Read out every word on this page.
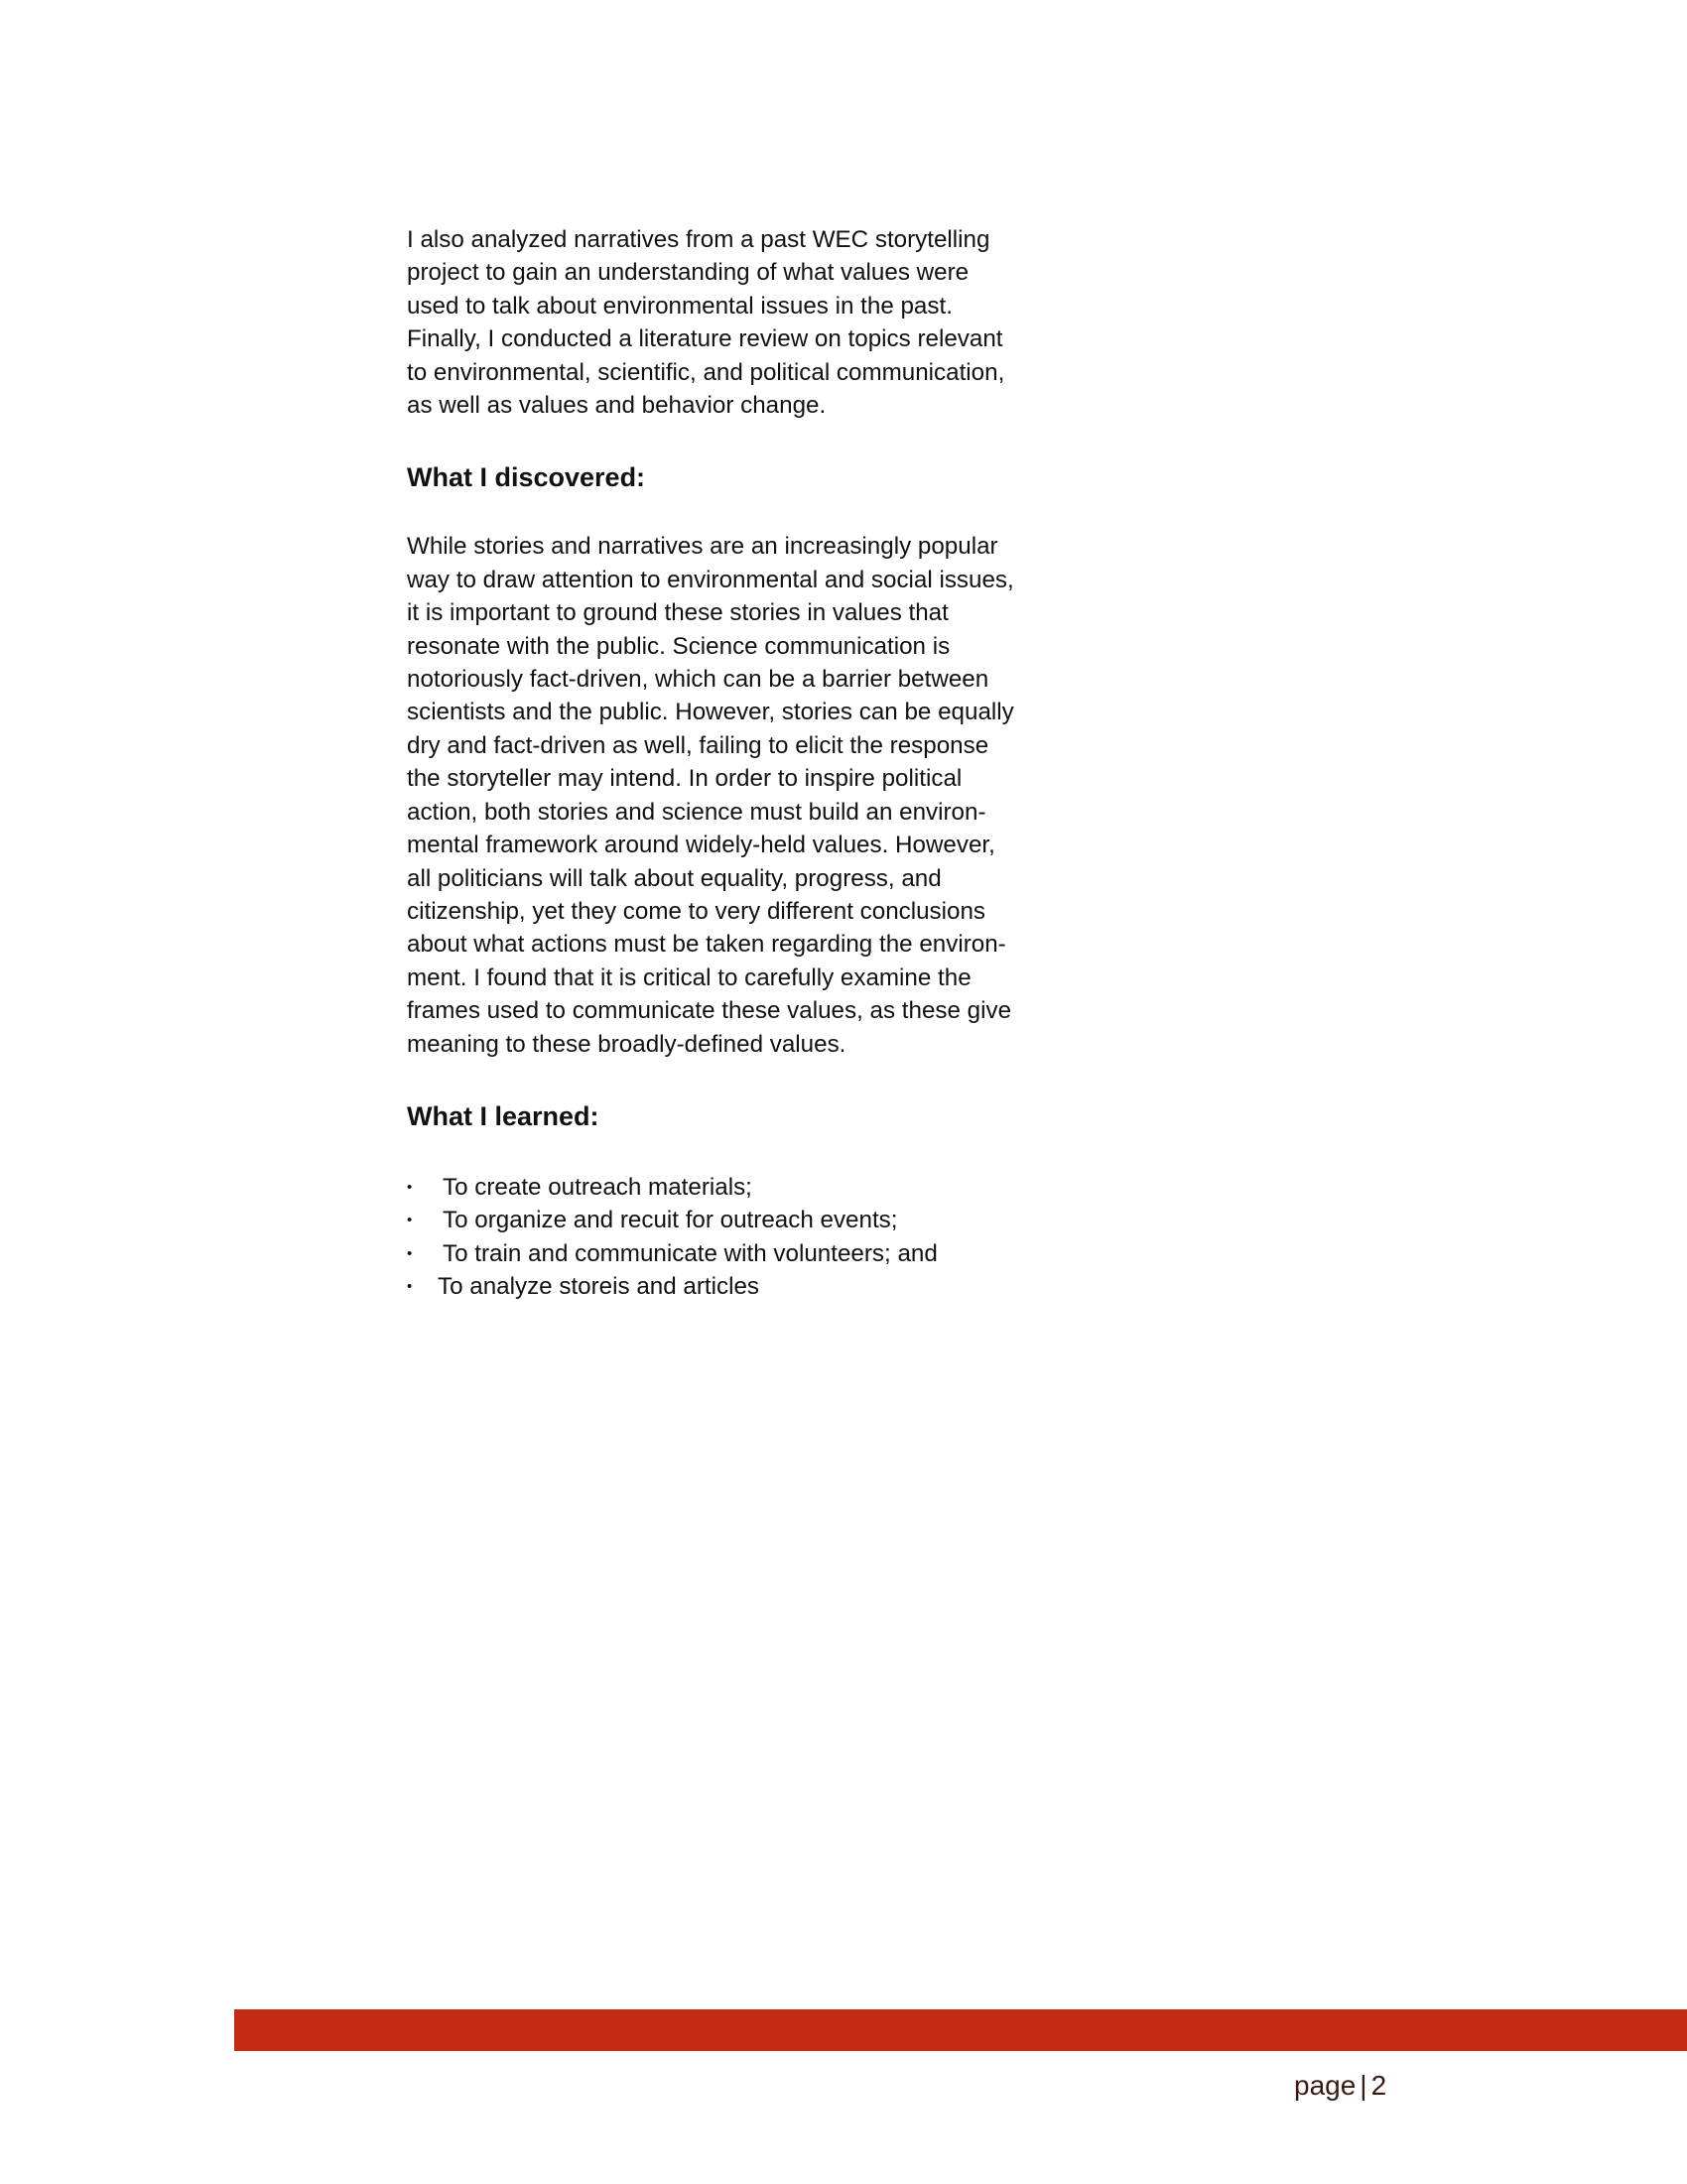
I also analyzed narratives from a past WEC storytelling
project to gain an understanding of what values were
used to talk about environmental issues in the past.
Finally, I conducted a literature review on topics relevant
to environmental, scientific, and political communication,
as well as values and behavior change.

What I discovered:

While stories and narratives are an increasingly popular
way to draw attention to environmental and social issues,
it is important to ground these stories in values that
resonate with the public. Science communication is
notoriously fact-driven, which can be a barrier between
scientists and the public. However, stories can be equally
dry and fact-driven as well, failing to elicit the response
the storyteller may intend. In order to inspire political
action, both stories and science must build an environ-
mental framework around widely-held values. However,
all politicians will talk about equality, progress, and
citizenship, yet they come to very different conclusions
about what actions must be taken regarding the environ-
ment. I found that it is critical to carefully examine the
frames used to communicate these values, as these give
meaning to these broadly-defined values.

What I learned:
• To create outreach materials;
• To organize and recuit for outreach events;
• To train and communicate with volunteers; and
• To analyze storeis and articles
page | 2
